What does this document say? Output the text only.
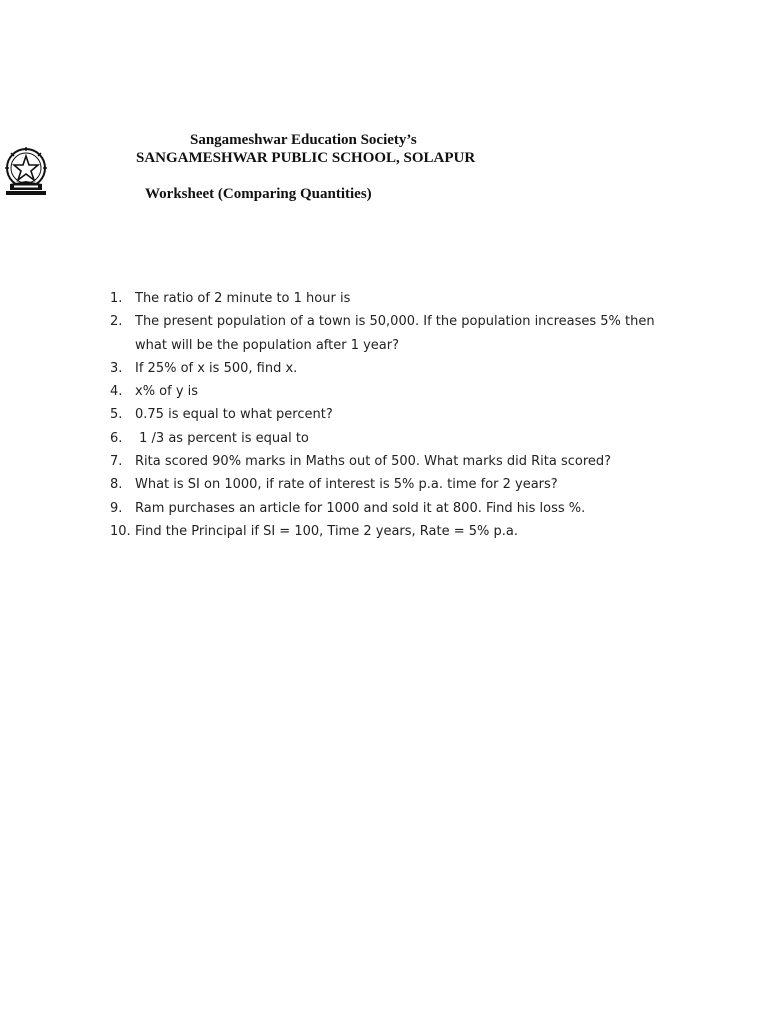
Sangameshwar Education Society’s
SANGAMESHWAR PUBLIC SCHOOL, SOLAPUR
Worksheet (Comparing Quantities)
1. The ratio of 2 minute to 1 hour is
2. The present population of a town is 50,000. If the population increases 5% then what will be the population after 1 year?
3. If 25% of x is 500, find x.
4. x% of y is
5. 0.75 is equal to what percent?
6. 1 /3 as percent is equal to
7. Rita scored 90% marks in Maths out of 500. What marks did Rita scored?
8. What is SI on 1000, if rate of interest is 5% p.a. time for 2 years?
9. Ram purchases an article for 1000 and sold it at 800. Find his loss %.
10. Find the Principal if SI = 100, Time 2 years, Rate = 5% p.a.
